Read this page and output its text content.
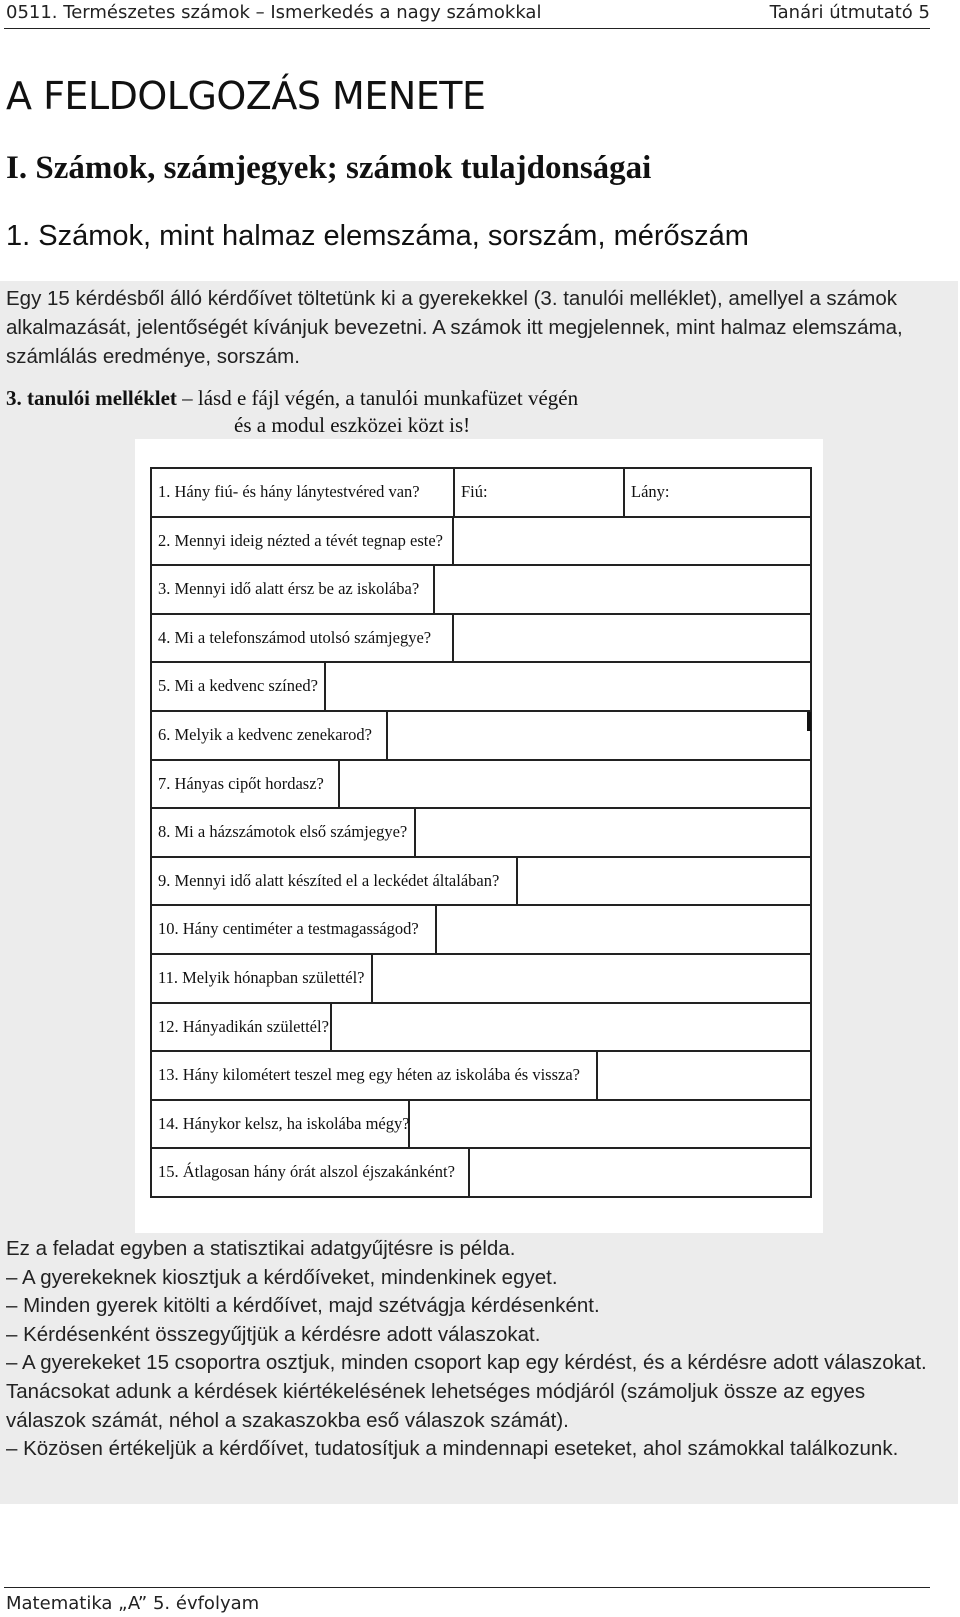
0511. Természetes számok – Ismerkedés a nagy számokkal	Tanári útmutató 5
A FELDOLGOZÁS MENETE
I. Számok, számjegyek; számok tulajdonságai
1. Számok, mint halmaz elemszáma, sorszám, mérőszám

Egy 15 kérdésből álló kérdőívet töltetünk ki a gyerekekkel (3. tanulói melléklet), amellyel a számok alkalmazását, jelentőségét kívánjuk bevezetni. A számok itt megjelennek, mint halmaz elemszáma, számlálás eredménye, sorszám.

3. tanulói melléklet – lásd e fájl végén, a tanulói munkafüzet végén
és a modul eszközei közt is!
1. Hány fiú- és hány lánytestvéred van?	Fiú:	Lány:
2. Mennyi ideig nézted a tévét tegnap este?
3. Mennyi idő alatt érsz be az iskolába?
4. Mi a telefonszámod utolsó számjegye?
5. Mi a kedvenc színed?
6. Melyik a kedvenc zenekarod?
7. Hányas cipőt hordasz?
8. Mi a házszámotok első számjegye?
9. Mennyi idő alatt készíted el a leckédet általában?
10. Hány centiméter a testmagasságod?
11. Melyik hónapban születtél?
12. Hányadikán születtél?
13. Hány kilométert teszel meg egy héten az iskolába és vissza?
14. Hánykor kelsz, ha iskolába mégy?
15. Átlagosan hány órát alszol éjszakánként?
Ez a feladat egyben a statisztikai adatgyűjtésre is példa.
– A gyerekeknek kiosztjuk a kérdőíveket, mindenkinek egyet.
– Minden gyerek kitölti a kérdőívet, majd szétvágja kérdésenként.
– Kérdésenként összegyűjtjük a kérdésre adott válaszokat.
– A gyerekeket 15 csoportra osztjuk, minden csoport kap egy kérdést, és a kérdésre adott válaszokat. Tanácsokat adunk a kérdések kiértékelésének lehetséges módjáról (számoljuk össze az egyes válaszok számát, néhol a szakaszokba eső válaszok számát).
– Közösen értékeljük a kérdőívet, tudatosítjuk a mindennapi eseteket, ahol számokkal találkozunk.
Matematika „A” 5. évfolyam
